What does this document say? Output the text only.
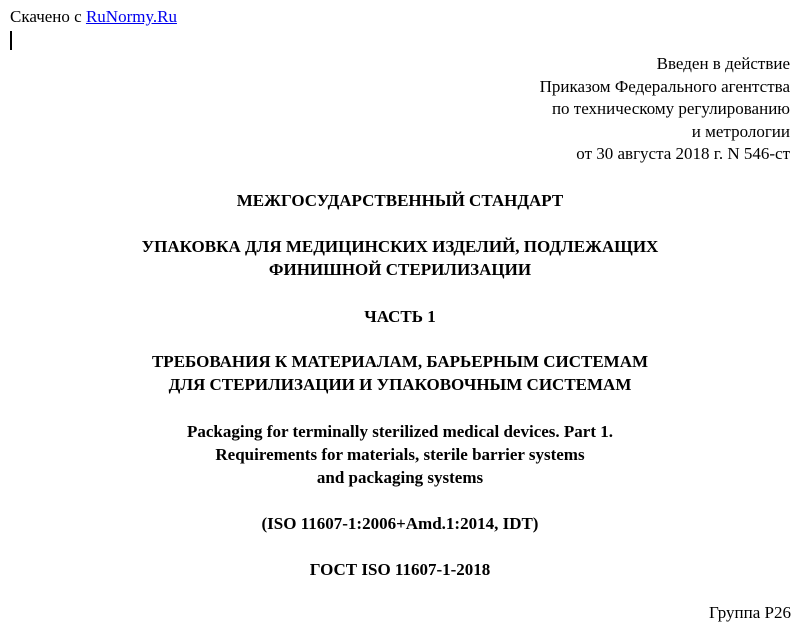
Скачено с RuNormy.Ru
Введен в действие
Приказом Федерального агентства
по техническому регулированию
и метрологии
от 30 августа 2018 г. N 546-ст
МЕЖГОСУДАРСТВЕННЫЙ СТАНДАРТ
УПАКОВКА ДЛЯ МЕДИЦИНСКИХ ИЗДЕЛИЙ, ПОДЛЕЖАЩИХ
ФИНИШНОЙ СТЕРИЛИЗАЦИИ
ЧАСТЬ 1
ТРЕБОВАНИЯ К МАТЕРИАЛАМ, БАРЬЕРНЫМ СИСТЕМАМ
ДЛЯ СТЕРИЛИЗАЦИИ И УПАКОВОЧНЫМ СИСТЕМАМ
Packaging for terminally sterilized medical devices. Part 1.
Requirements for materials, sterile barrier systems
and packaging systems
(ISO 11607-1:2006+Amd.1:2014, IDT)
ГОСТ ISO 11607-1-2018
Группа Р26
